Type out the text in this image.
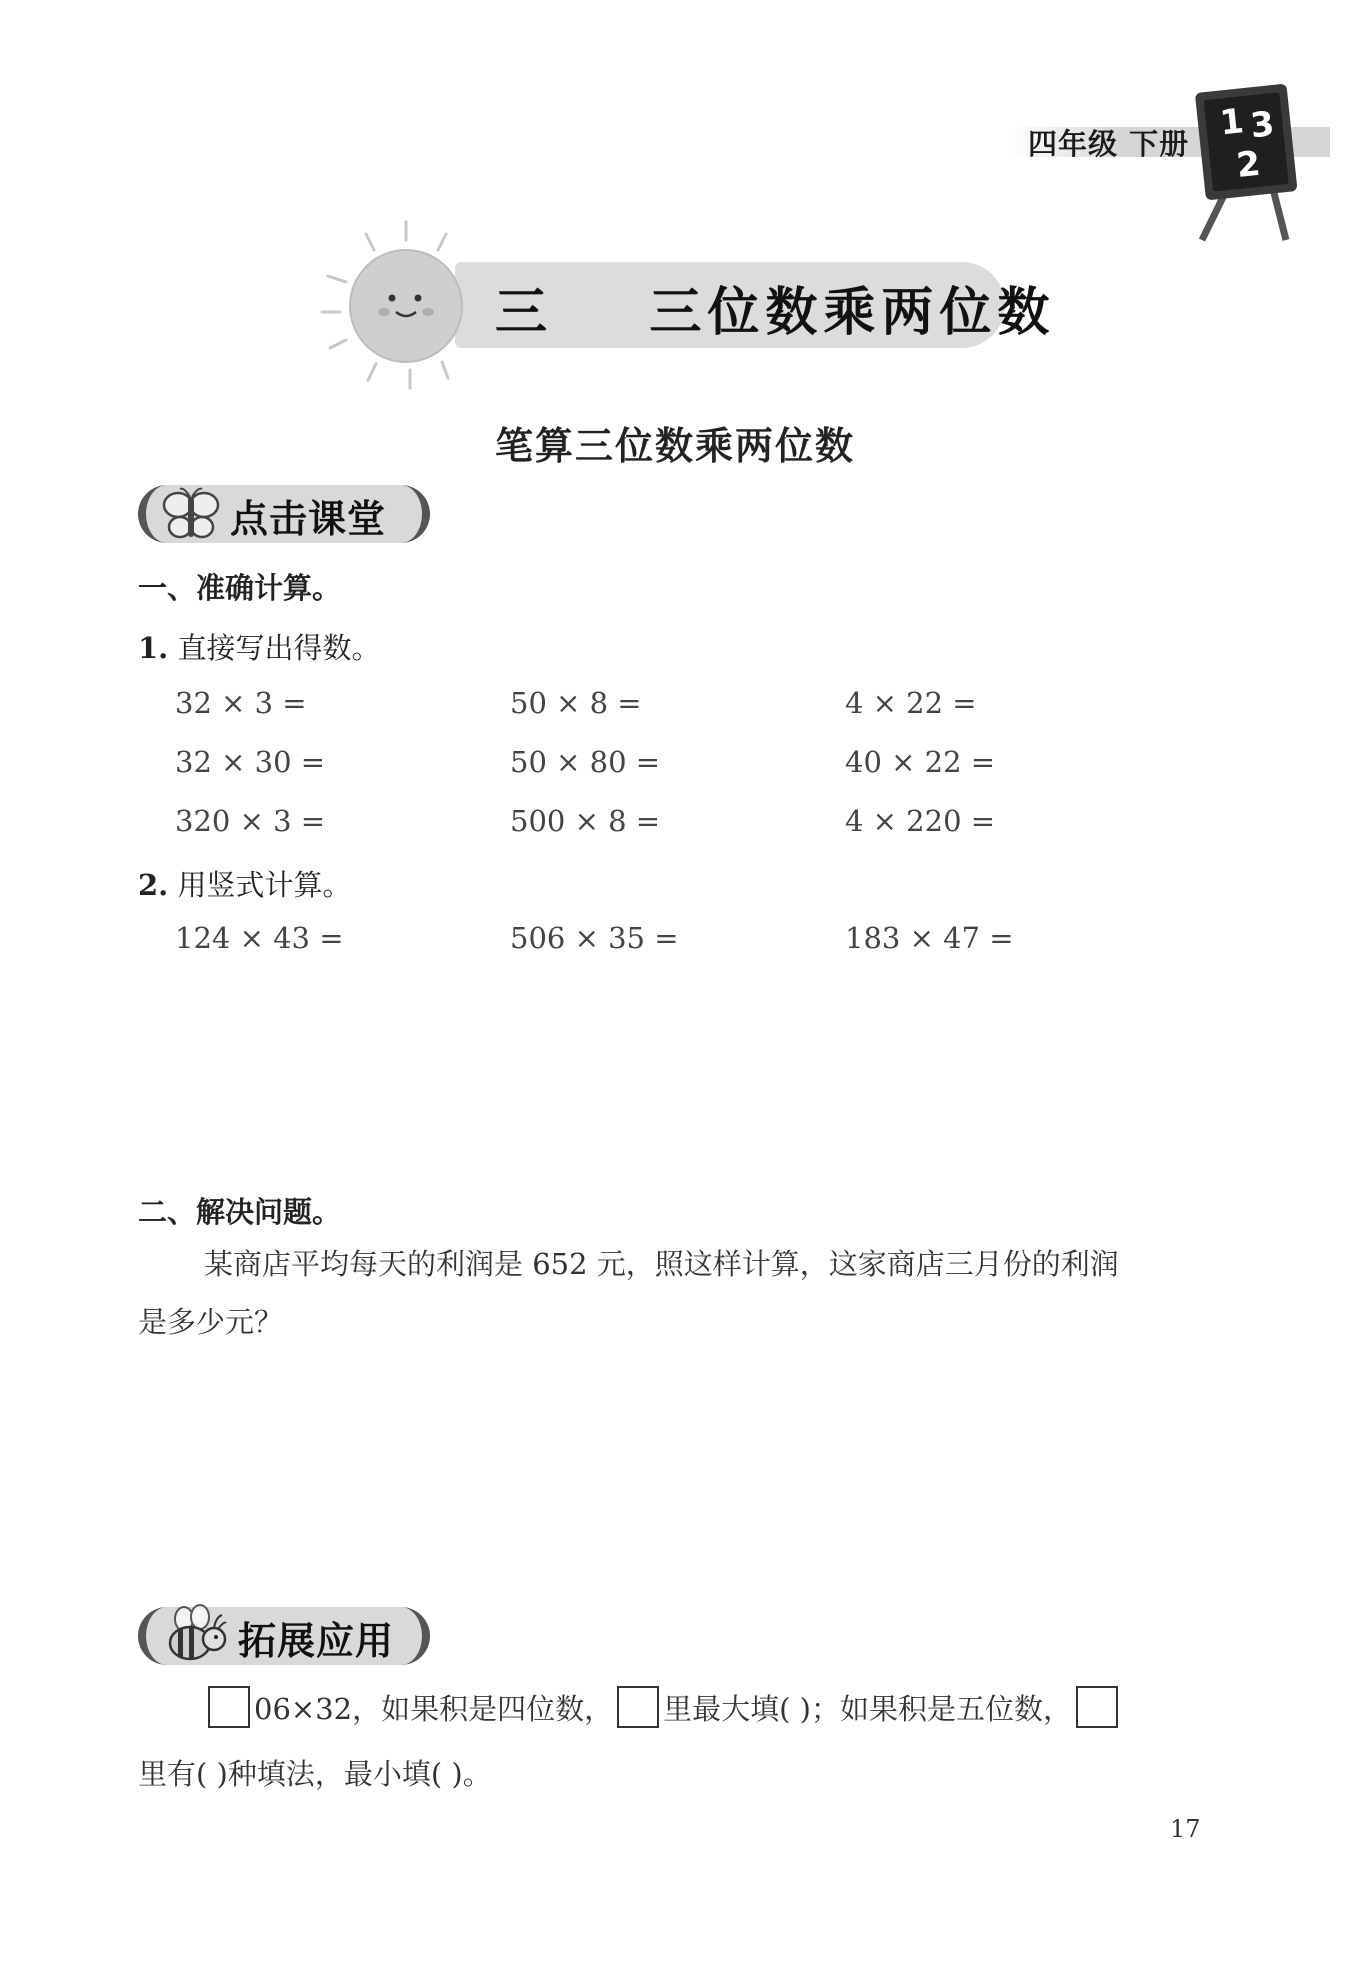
四年级 下册
1 3
2
三    三位数乘两位数
笔算三位数乘两位数
点击课堂
一、准确计算。
1. 直接写出得数。
32 × 3 =	50 × 8 =	4 × 22 =
32 × 30 =	50 × 80 =	40 × 22 =
320 × 3 =	500 × 8 =	4 × 220 =
2. 用竖式计算。
124 × 43 =	506 × 35 =	183 × 47 =
二、解决问题。
某商店平均每天的利润是 652 元，照这样计算，这家商店三月份的利润
是多少元？
拓展应用
06×32，如果积是四位数， 里最大填( )；如果积是五位数，
里有( )种填法，最小填( )。
17
